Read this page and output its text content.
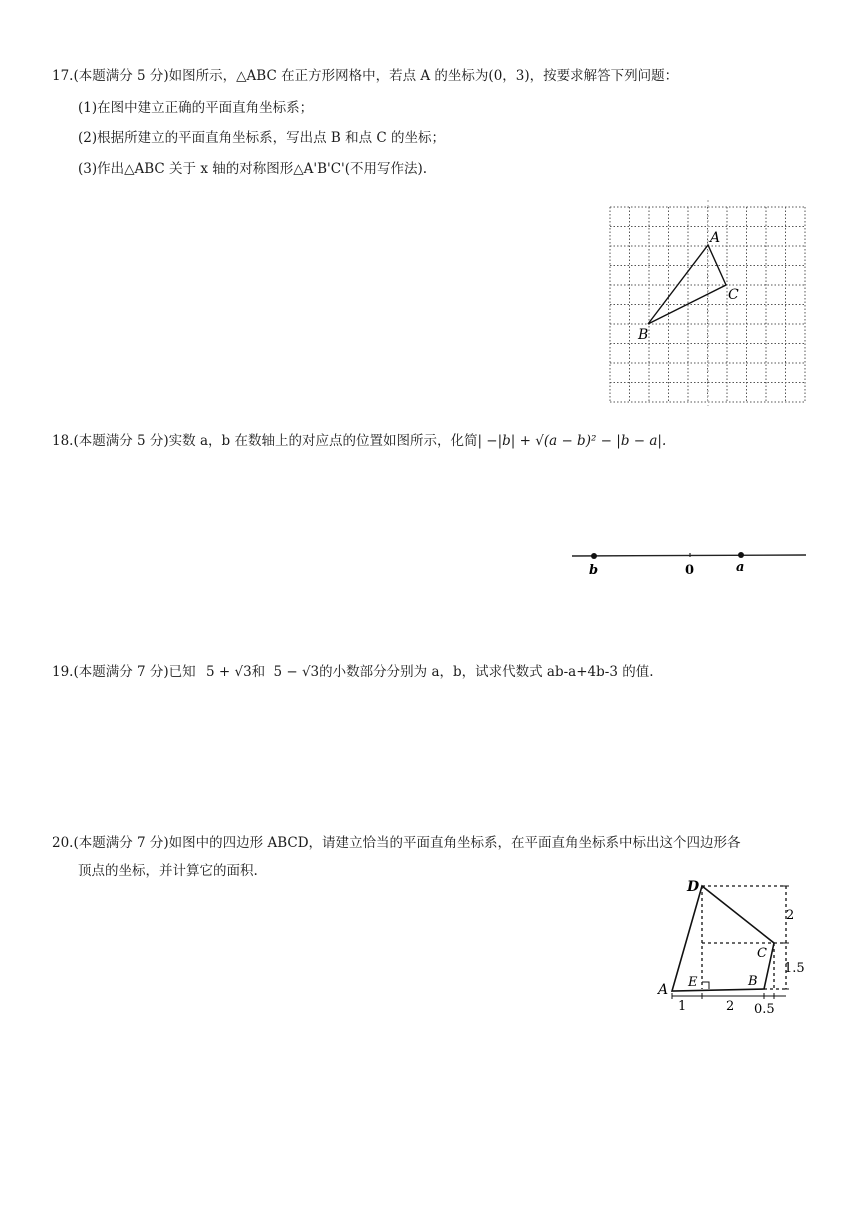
17.(本题满分 5 分)如图所示，△ABC 在正方形网格中，若点 A 的坐标为(0，3)，按要求解答下列问题：
(1)在图中建立正确的平面直角坐标系；
(2)根据所建立的平面直角坐标系，写出点 B 和点 C 的坐标；
(3)作出△ABC 关于 x 轴的对称图形△A'B'C'(不用写作法).
A
C
B
18.(本题满分 5 分)实数 a，b 在数轴上的对应点的位置如图所示，化简| −|b| + √(a − b)² − |b − a|.
b	0	a
19.(本题满分 7 分)已知 5 + √3和 5 − √3的小数部分分别为 a，b，试求代数式 ab-a+4b-3 的值.
20.(本题满分 7 分)如图中的四边形 ABCD，请建立恰当的平面直角坐标系，在平面直角坐标系中标出这个四边形各
顶点的坐标，并计算它的面积.
D
C
A E	B
2
1.5
1	2 0.5
